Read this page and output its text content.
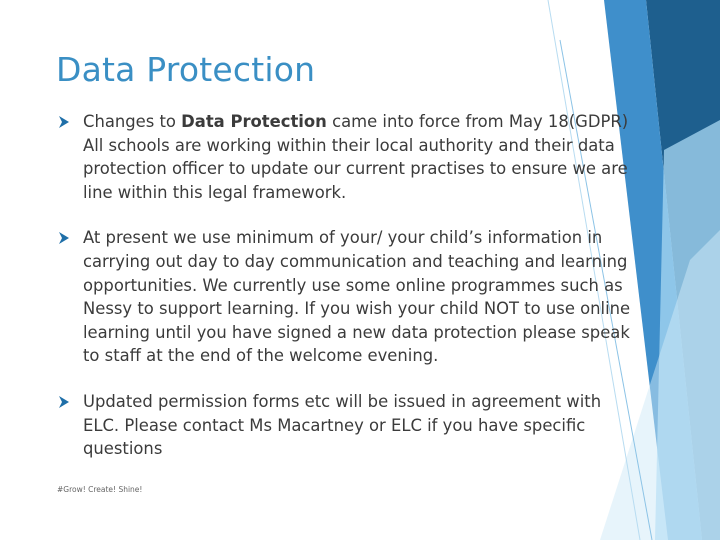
Data Protection
Changes to Data Protection came into force from May 18(GDPR) All schools are working within their local authority and their data protection officer to update our current practises to ensure we are line within this legal framework.
At present we use minimum of your/ your child’s information in carrying out day to day communication and teaching and learning opportunities. We currently use some online programmes such as Nessy to support learning. If you wish your child NOT to use online learning until you have signed a new data protection please speak to staff at the end of the welcome evening.
Updated permission forms etc will be issued in agreement with ELC. Please contact Ms Macartney or ELC if you have specific questions
#Grow! Create! Shine!
